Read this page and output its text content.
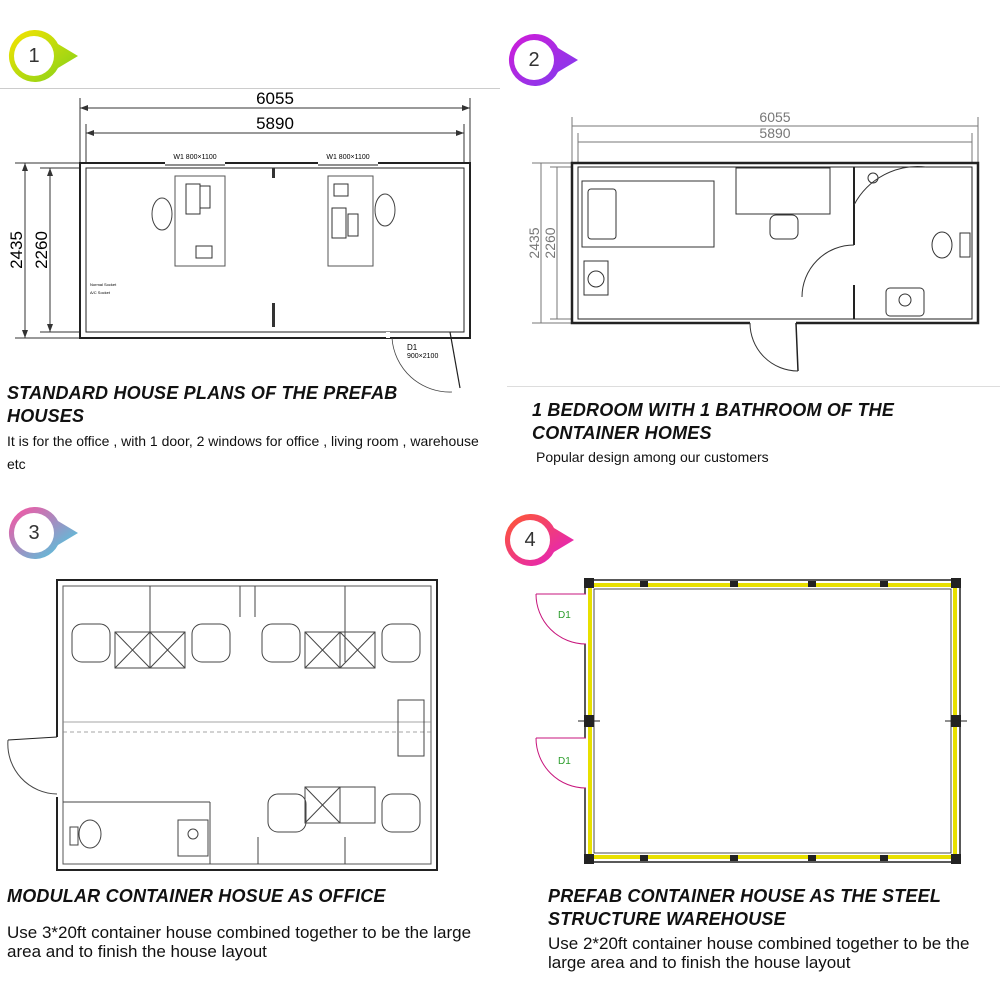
1
6055
5890
2435 2260
W1 800×1100	W1 800×1100
Normal Socket
A/C Socket
D1
900×2100
STANDARD HOUSE PLANS OF THE PREFAB HOUSES
It is for the office , with 1 door, 2 windows for office , living room , warehouse etc
2
6055
5890
2435 2260
1 BEDROOM WITH 1 BATHROOM OF THE CONTAINER HOMES
Popular design among our customers
3
MODULAR CONTAINER HOSUE AS OFFICE
Use 3*20ft container house combined together to be the large area and to finish the house layout
4
D1
D1
PREFAB CONTAINER HOUSE AS THE STEEL STRUCTURE WAREHOUSE
Use 2*20ft container house combined together to be the large area and to finish the house layout
